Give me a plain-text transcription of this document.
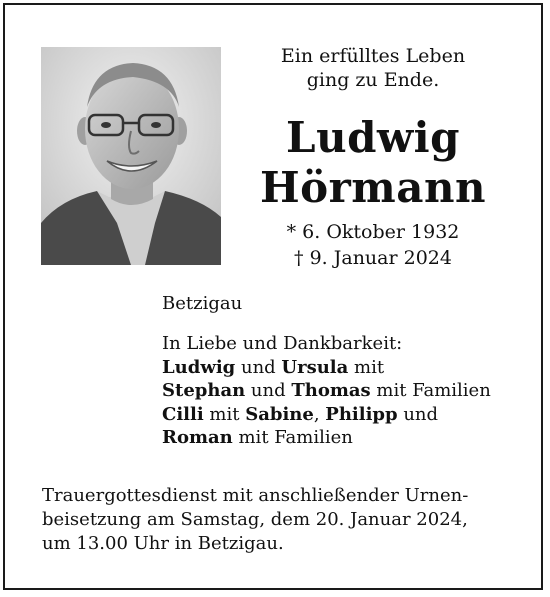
Ein erfülltes Leben
ging zu Ende.
Ludwig
Hörmann
* 6. Oktober 1932
† 9. Januar 2024
Betzigau
In Liebe und Dankbarkeit:
Ludwig und Ursula mit
Stephan und Thomas mit Familien
Cilli mit Sabine, Philipp und
Roman mit Familien
Trauergottesdienst mit anschließender Urnen-
beisetzung am Samstag, dem 20. Januar 2024,
um 13.00 Uhr in Betzigau.
